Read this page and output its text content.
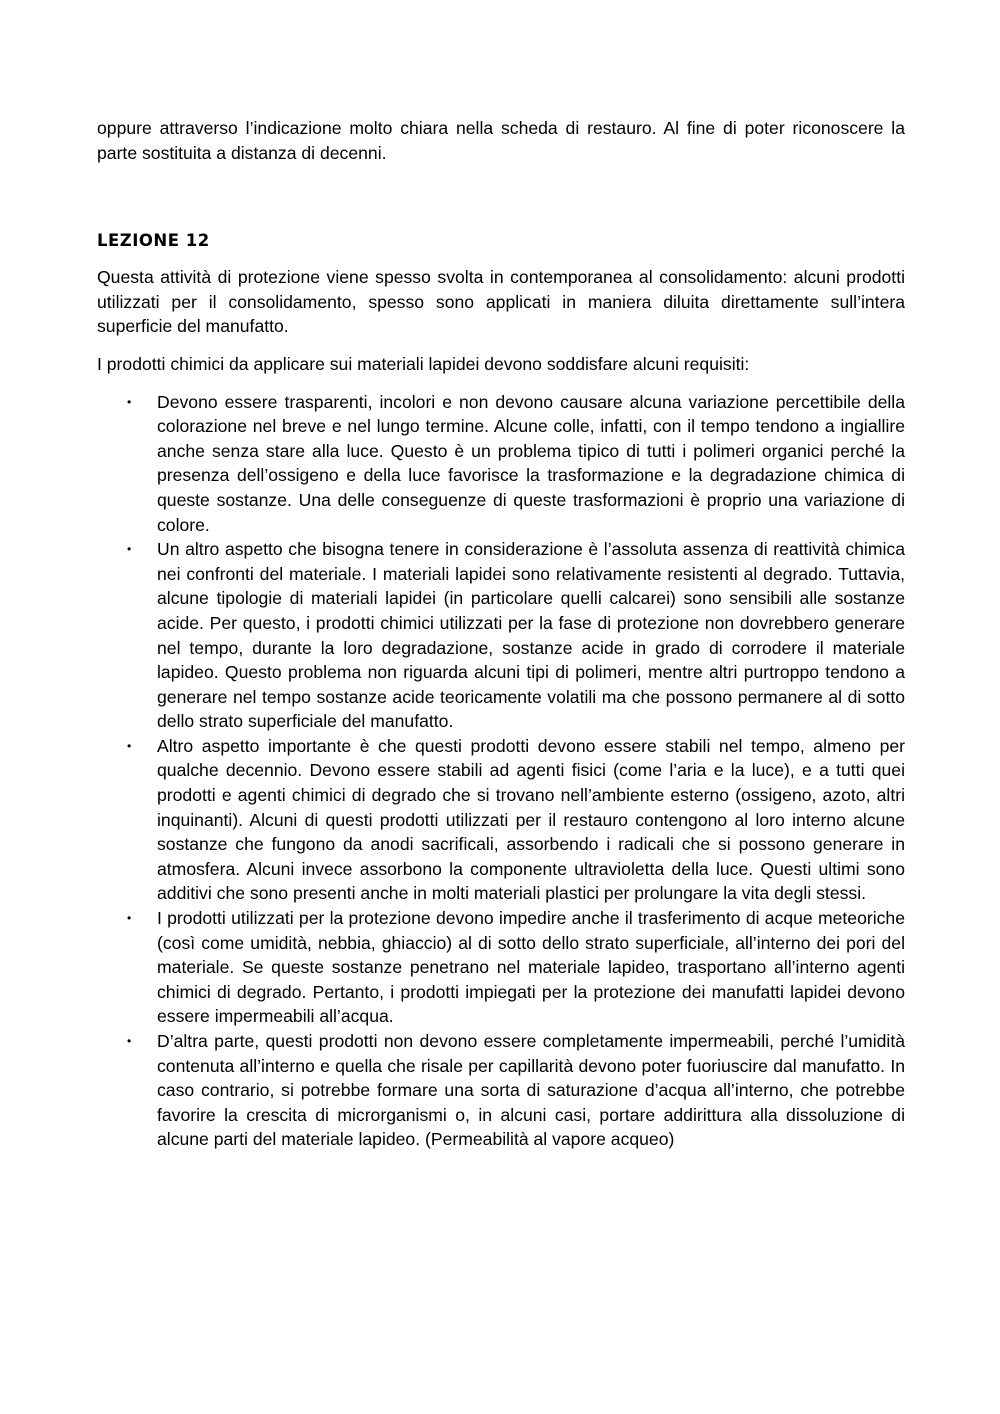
oppure attraverso l’indicazione molto chiara nella scheda di restauro. Al fine di poter riconoscere la parte sostituita a distanza di decenni.

LEZIONE 12

Questa attività di protezione viene spesso svolta in contemporanea al consolidamento: alcuni prodotti utilizzati per il consolidamento, spesso sono applicati in maniera diluita direttamente sull’intera superficie del manufatto.

I prodotti chimici da applicare sui materiali lapidei devono soddisfare alcuni requisiti:

• Devono essere trasparenti, incolori e non devono causare alcuna variazione percettibile della colorazione nel breve e nel lungo termine. Alcune colle, infatti, con il tempo tendono a ingiallire anche senza stare alla luce. Questo è un problema tipico di tutti i polimeri organici perché la presenza dell’ossigeno e della luce favorisce la trasformazione e la degradazione chimica di queste sostanze. Una delle conseguenze di queste trasformazioni è proprio una variazione di colore.
• Un altro aspetto che bisogna tenere in considerazione è l’assoluta assenza di reattività chimica nei confronti del materiale. I materiali lapidei sono relativamente resistenti al degrado. Tuttavia, alcune tipologie di materiali lapidei (in particolare quelli calcarei) sono sensibili alle sostanze acide. Per questo, i prodotti chimici utilizzati per la fase di protezione non dovrebbero generare nel tempo, durante la loro degradazione, sostanze acide in grado di corrodere il materiale lapideo. Questo problema non riguarda alcuni tipi di polimeri, mentre altri purtroppo tendono a generare nel tempo sostanze acide teoricamente volatili ma che possono permanere al di sotto dello strato superficiale del manufatto.
• Altro aspetto importante è che questi prodotti devono essere stabili nel tempo, almeno per qualche decennio. Devono essere stabili ad agenti fisici (come l’aria e la luce), e a tutti quei prodotti e agenti chimici di degrado che si trovano nell’ambiente esterno (ossigeno, azoto, altri inquinanti). Alcuni di questi prodotti utilizzati per il restauro contengono al loro interno alcune sostanze che fungono da anodi sacrificali, assorbendo i radicali che si possono generare in atmosfera. Alcuni invece assorbono la componente ultravioletta della luce. Questi ultimi sono additivi che sono presenti anche in molti materiali plastici per prolungare la vita degli stessi.
• I prodotti utilizzati per la protezione devono impedire anche il trasferimento di acque meteoriche (così come umidità, nebbia, ghiaccio) al di sotto dello strato superficiale, all’interno dei pori del materiale. Se queste sostanze penetrano nel materiale lapideo, trasportano all’interno agenti chimici di degrado. Pertanto, i prodotti impiegati per la protezione dei manufatti lapidei devono essere impermeabili all’acqua.
• D’altra parte, questi prodotti non devono essere completamente impermeabili, perché l’umidità contenuta all’interno e quella che risale per capillarità devono poter fuoriuscire dal manufatto. In caso contrario, si potrebbe formare una sorta di saturazione d’acqua all’interno, che potrebbe favorire la crescita di microrganismi o, in alcuni casi, portare addirittura alla dissoluzione di alcune parti del materiale lapideo. (Permeabilità al vapore acqueo)
